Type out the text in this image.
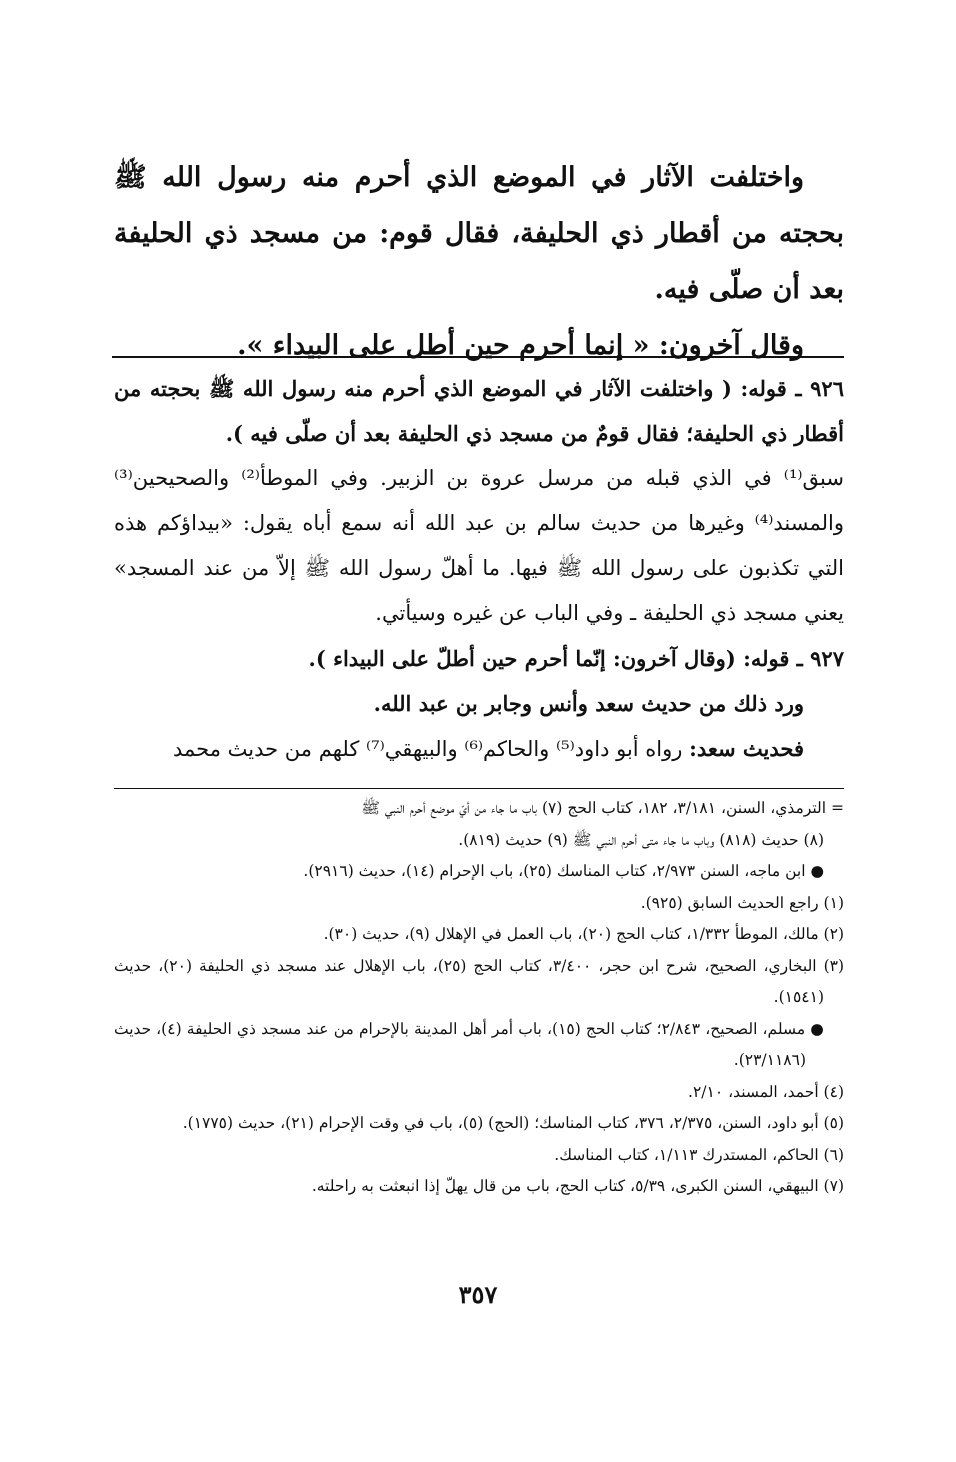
واختلفت الآثار في الموضع الذي أحرم منه رسول الله ﷺ بحجته من أقطار ذي الحليفة، فقال قوم: من مسجد ذي الحليفة بعد أن صلّى فيه.

وقال آخرون: « إنما أحرم حين أطل على البيداء ».

٩٢٦ ـ قوله: ( واختلفت الآثار في الموضع الذي أحرم منه رسول الله ﷺ بحجته من أقطار ذي الحليفة؛ فقال قومٌ من مسجد ذي الحليفة بعد أن صلّى فيه ).

سبق⁽¹⁾ في الذي قبله من مرسل عروة بن الزبير. وفي الموطأ⁽²⁾ والصحيحين⁽³⁾ والمسند⁽⁴⁾ وغيرها من حديث سالم بن عبد الله أنه سمع أباه يقول: «بيداؤكم هذه التي تكذبون على رسول الله ﷺ فيها. ما أهلّ رسول الله ﷺ إلاّ من عند المسجد» يعني مسجد ذي الحليفة ـ وفي الباب عن غيره وسيأتي.

٩٢٧ ـ قوله: (وقال آخرون: إنّما أحرم حين أطلّ على البيداء ).

ورد ذلك من حديث سعد وأنس وجابر بن عبد الله.

فحديث سعد: رواه أبو داود⁽⁵⁾ والحاكم⁽⁶⁾ والبيهقي⁽⁷⁾ كلهم من حديث محمد

= الترمذي، السنن، ٣/١٨١، ١٨٢، كتاب الحج (٧) باب ما جاء من أيّ موضع أحرم النبي ﷺ

(٨) حديث (٨١٨) وباب ما جاء متى أحرم النبي ﷺ (٩) حديث (٨١٩).

● ابن ماجه، السنن ٢/٩٧٣، كتاب المناسك (٢٥)، باب الإحرام (١٤)، حديث (٢٩١٦).

(١) راجع الحديث السابق (٩٢٥).

(٢) مالك، الموطأ ١/٣٣٢، كتاب الحج (٢٠)، باب العمل في الإهلال (٩)، حديث (٣٠).

(٣) البخاري، الصحيح، شرح ابن حجر، ٣/٤٠٠، كتاب الحج (٢٥)، باب الإهلال عند مسجد ذي الحليفة (٢٠)، حديث (١٥٤١).

● مسلم، الصحيح، ٢/٨٤٣؛ كتاب الحج (١٥)، باب أمر أهل المدينة بالإحرام من عند مسجد ذي الحليفة (٤)، حديث (٢٣/١١٨٦).

(٤) أحمد، المسند، ٢/١٠.

(٥) أبو داود، السنن، ٢/٣٧٥، ٣٧٦، كتاب المناسك؛ (الحج) (٥)، باب في وقت الإحرام (٢١)، حديث (١٧٧٥).

(٦) الحاكم، المستدرك ١/١١٣، كتاب المناسك.

(٧) البيهقي، السنن الكبرى، ٥/٣٩، كتاب الحج، باب من قال يهلّ إذا انبعثت به راحلته.

٣٥٧
